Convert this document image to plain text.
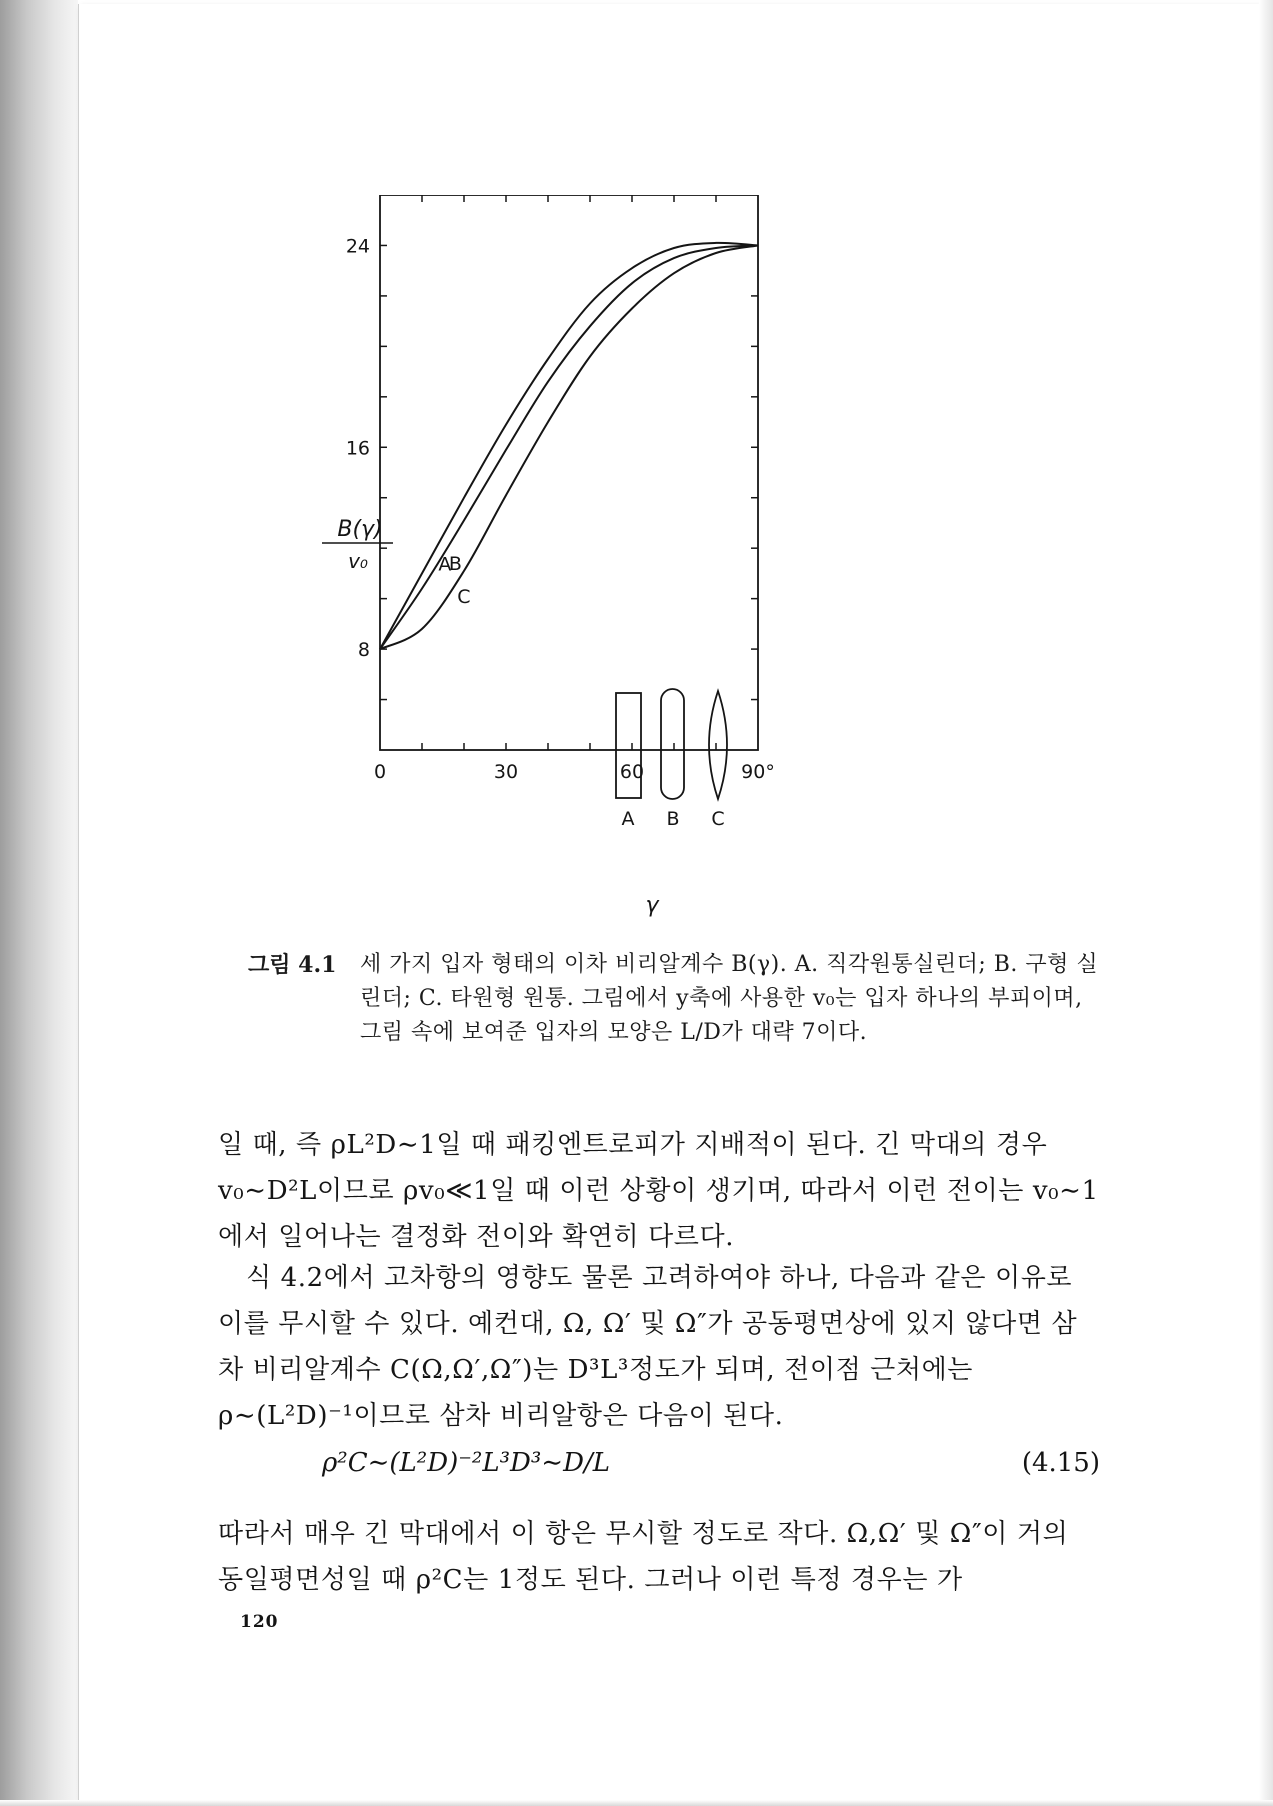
0	30	60	90°
8
16
24
A
B
C
B(γ)
v₀
γ
A B C
그림 4.1 세 가지 입자 형태의 이차 비리알계수 B(γ). A. 직각원통실린더; B. 구형 실린더; C. 타원형 원통. 그림에서 y축에 사용한 v₀는 입자 하나의 부피이며, 그림 속에 보여준 입자의 모양은 L/D가 대략 7이다.
일 때, 즉 ρL²D∼1일 때 패킹엔트로피가 지배적이 된다. 긴 막대의 경우 v₀∼D²L이므로 ρv₀≪1일 때 이런 상황이 생기며, 따라서 이런 전이는 v₀∼1에서 일어나는 결정화 전이와 확연히 다르다.
식 4.2에서 고차항의 영향도 물론 고려하여야 하나, 다음과 같은 이유로 이를 무시할 수 있다. 예컨대, Ω, Ω′ 및 Ω″가 공동평면상에 있지 않다면 삼차 비리알계수 C(Ω,Ω′,Ω″)는 D³L³정도가 되며, 전이점 근처에는 ρ∼(L²D)⁻¹이므로 삼차 비리알항은 다음이 된다.
ρ²C∼(L²D)⁻²L³D³∼D/L	(4.15)
따라서 매우 긴 막대에서 이 항은 무시할 정도로 작다. Ω,Ω′ 및 Ω″이 거의 동일평면성일 때 ρ²C는 1정도 된다. 그러나 이런 특정 경우는 가
120
